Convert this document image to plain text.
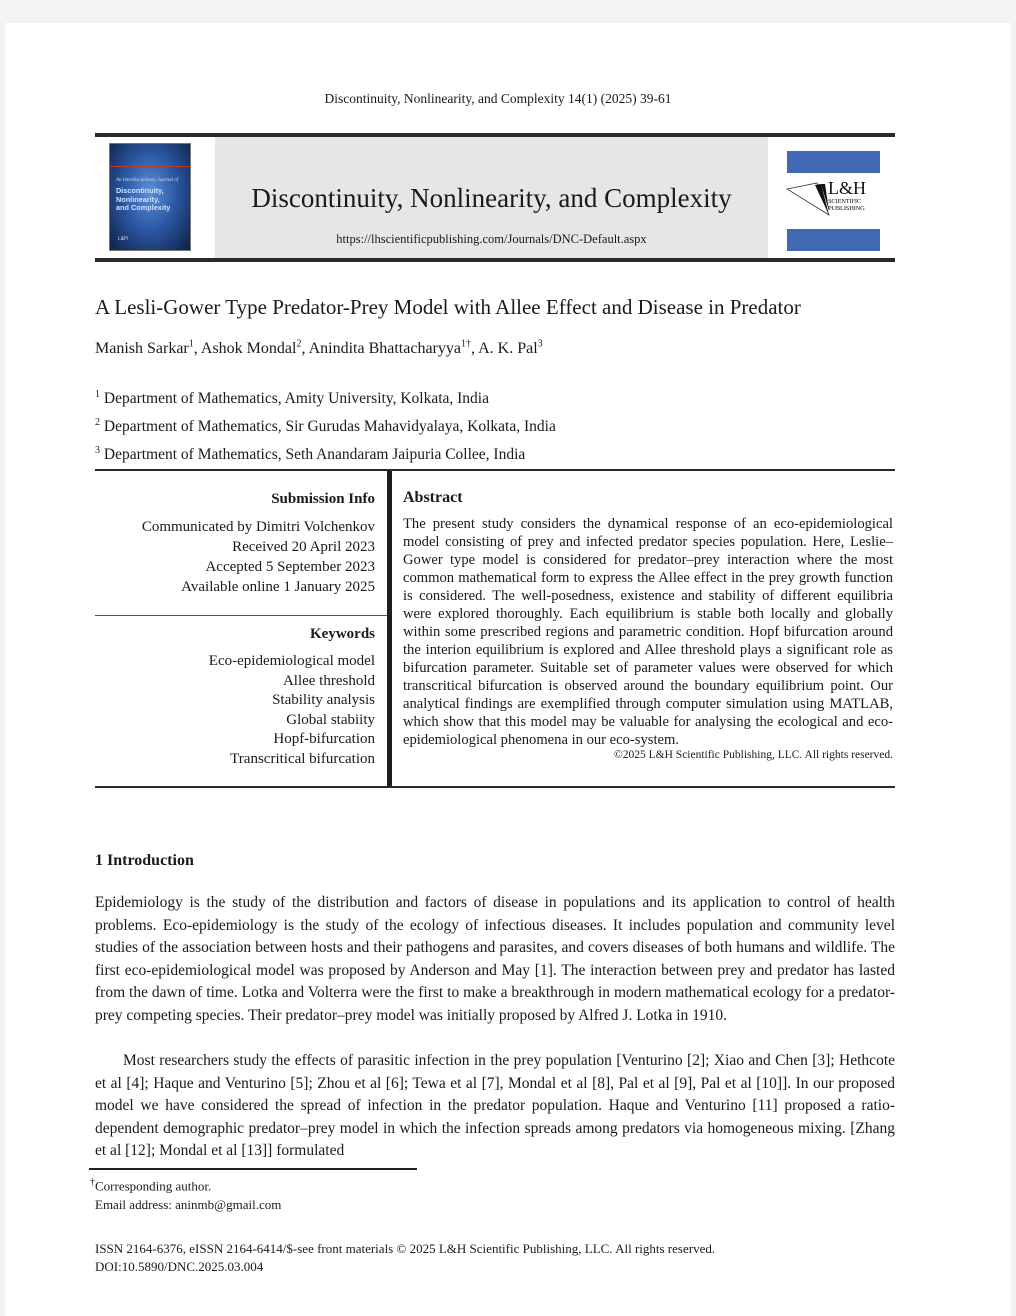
Discontinuity, Nonlinearity, and Complexity 14(1) (2025) 39-61
An Interdisciplinary Journal of
Discontinuity,
Nonlinearity,
and Complexity
L&H
Discontinuity, Nonlinearity, and Complexity
https://lhscientificpublishing.com/Journals/DNC-Default.aspx
L&H
SCIENTIFIC
PUBLISHING
A Lesli-Gower Type Predator-Prey Model with Allee Effect and Disease in Predator
Manish Sarkar$^1$, Ashok Mondal$^2$, Anindita Bhattacharyya$^{1\dagger}$, A. K. Pal$^3$
$^1$ Department of Mathematics, Amity University, Kolkata, India
$^2$ Department of Mathematics, Sir Gurudas Mahavidyalaya, Kolkata, India
$^3$ Department of Mathematics, Seth Anandaram Jaipuria Collee, India
Submission Info
Communicated by Dimitri Volchenkov
Received 20 April 2023
Accepted 5 September 2023
Available online 1 January 2025
Keywords
Eco-epidemiological model
Allee threshold
Stability analysis
Global stabiity
Hopf-bifurcation
Transcritical bifurcation
Abstract
The present study considers the dynamical response of an eco-epidemiological model consisting of prey and infected predator species population. Here, Leslie–Gower type model is considered for predator–prey interaction where the most common mathematical form to express the Allee effect in the prey growth function is considered. The well-posedness, existence and stability of different equilibria were explored thoroughly. Each equilibrium is stable both locally and globally within some prescribed regions and parametric condition. Hopf bifurcation around the interion equilibrium is explored and Allee threshold plays a significant role as bifurcation parameter. Suitable set of parameter values were observed for which transcritical bifurcation is observed around the boundary equilibrium point. Our analytical findings are exemplified through computer simulation using MATLAB, which show that this model may be valuable for analysing the ecological and eco-epidemiological phenomena in our eco-system.
©2025 L&H Scientific Publishing, LLC. All rights reserved.
1 Introduction
Epidemiology is the study of the distribution and factors of disease in populations and its application to control of health problems. Eco-epidemiology is the study of the ecology of infectious diseases. It includes population and community level studies of the association between hosts and their pathogens and parasites, and covers diseases of both humans and wildlife. The first eco-epidemiological model was proposed by Anderson and May [1]. The interaction between prey and predator has lasted from the dawn of time. Lotka and Volterra were the first to make a breakthrough in modern mathematical ecology for a predator-prey competing species. Their predator–prey model was initially proposed by Alfred J. Lotka in 1910.
Most researchers study the effects of parasitic infection in the prey population [Venturino [2]; Xiao and Chen [3]; Hethcote et al [4]; Haque and Venturino [5]; Zhou et al [6]; Tewa et al [7], Mondal et al [8], Pal et al [9], Pal et al [10]]. In our proposed model we have considered the spread of infection in the predator population. Haque and Venturino [11] proposed a ratio-dependent demographic predator–prey model in which the infection spreads among predators via homogeneous mixing. [Zhang et al [12]; Mondal et al [13]] formulated
†Corresponding author.
Email address: aninmb@gmail.com
ISSN 2164-6376, eISSN 2164-6414/$-see front materials © 2025 L&H Scientific Publishing, LLC. All rights reserved.
DOI:10.5890/DNC.2025.03.004
